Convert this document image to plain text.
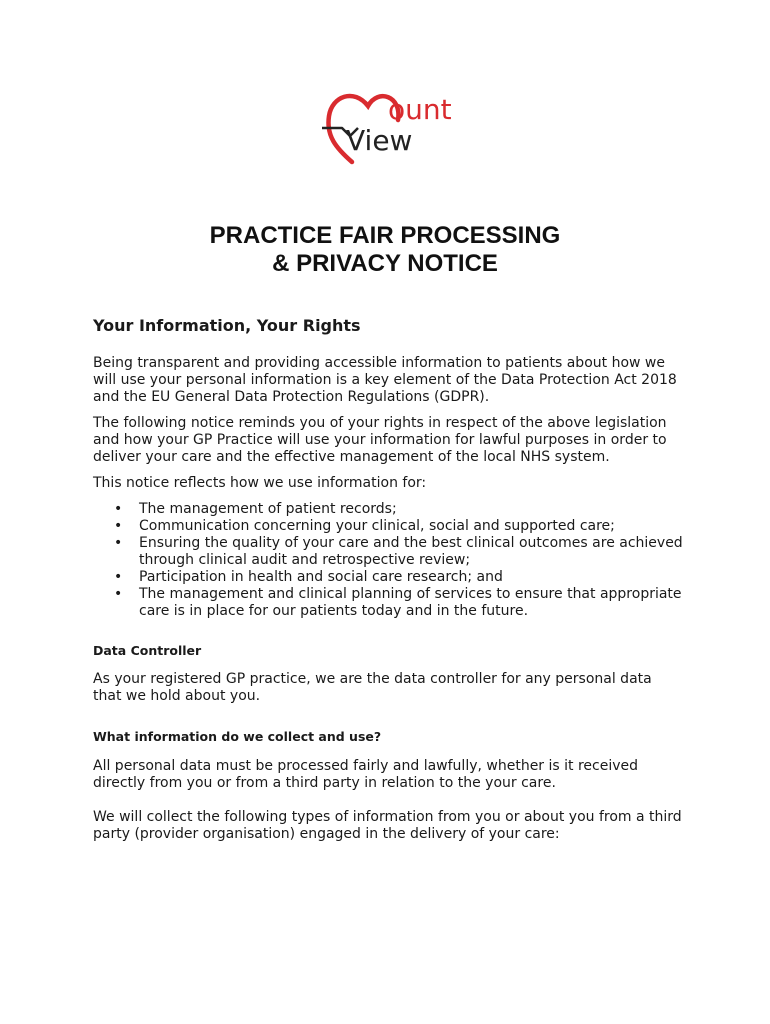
ount
View
PRACTICE FAIR PROCESSING
& PRIVACY NOTICE
Your Information, Your Rights

Being transparent and providing accessible information to patients about how we will use your personal information is a key element of the Data Protection Act 2018 and the EU General Data Protection Regulations (GDPR).

The following notice reminds you of your rights in respect of the above legislation and how your GP Practice will use your information for lawful purposes in order to deliver your care and the effective management of the local NHS system.

This notice reflects how we use information for:

• The management of patient records;
• Communication concerning your clinical, social and supported care;
• Ensuring the quality of your care and the best clinical outcomes are achieved through clinical audit and retrospective review;
• Participation in health and social care research; and
• The management and clinical planning of services to ensure that appropriate care is in place for our patients today and in the future.
Data Controller

As your registered GP practice, we are the data controller for any personal data that we hold about you.

What information do we collect and use?

All personal data must be processed fairly and lawfully, whether is it received directly from you or from a third party in relation to the your care.

We will collect the following types of information from you or about you from a third party (provider organisation) engaged in the delivery of your care:
